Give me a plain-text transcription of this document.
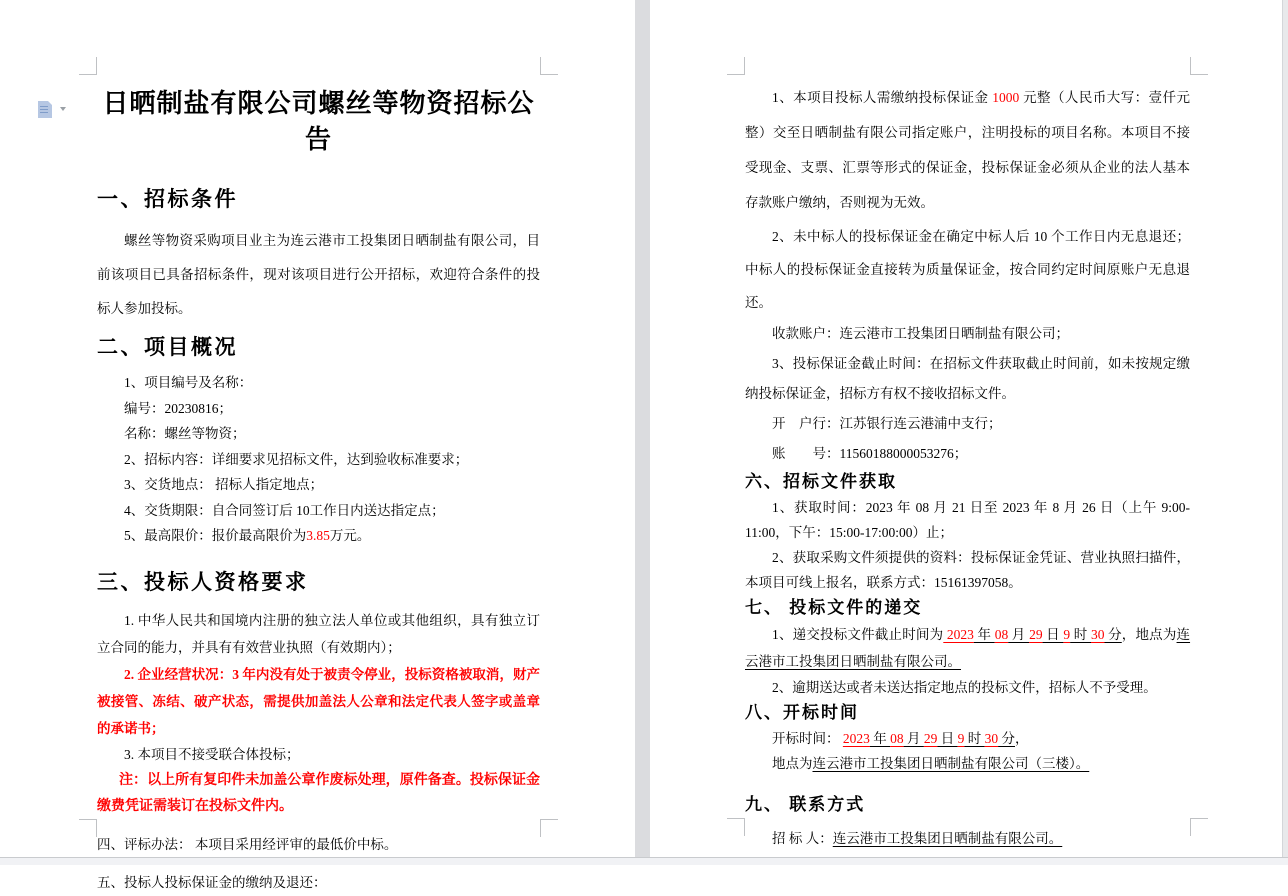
日晒制盐有限公司螺丝等物资招标公告
一、招标条件
螺丝等物资采购项目业主为连云港市工投集团日晒制盐有限公司，目前该项目已具备招标条件，现对该项目进行公开招标，欢迎符合条件的投标人参加投标。
二、项目概况
1、项目编号及名称：
编号：20230816；
名称：螺丝等物资；
2、招标内容：详细要求见招标文件，达到验收标准要求；
3、交货地点： 招标人指定地点；
4、交货期限：自合同签订后 10工作日内送达指定点；
5、最高限价：报价最高限价为3.85万元。
三、投标人资格要求
1. 中华人民共和国境内注册的独立法人单位或其他组织，具有独立订立合同的能力，并具有有效营业执照（有效期内）；
2. 企业经营状况：3 年内没有处于被责令停业，投标资格被取消，财产被接管、冻结、破产状态，需提供加盖法人公章和法定代表人签字或盖章的承诺书；
3. 本项目不接受联合体投标；
注：以上所有复印件未加盖公章作废标处理，原件备查。投标保证金缴费凭证需装订在投标文件内。
四、评标办法： 本项目采用经评审的最低价中标。
五、投标人投标保证金的缴纳及退还：
1、本项目投标人需缴纳投标保证金 1000 元整（人民币大写：壹仟元整）交至日晒制盐有限公司指定账户，注明投标的项目名称。本项目不接受现金、支票、汇票等形式的保证金，投标保证金必须从企业的法人基本存款账户缴纳，否则视为无效。
2、未中标人的投标保证金在确定中标人后 10 个工作日内无息退还；中标人的投标保证金直接转为质量保证金，按合同约定时间原账户无息退还。
收款账户：连云港市工投集团日晒制盐有限公司；
3、投标保证金截止时间：在招标文件获取截止时间前，如未按规定缴纳投标保证金，招标方有权不接收招标文件。
开　户行：江苏银行连云港浦中支行；
账　　号：11560188000053276；
六、招标文件获取
1、获取时间：2023 年 08 月 21 日至 2023 年 8 月 26 日（上午 9:00-11:00，下午：15:00-17:00:00）止；
2、获取采购文件须提供的资料：投标保证金凭证、营业执照扫描件，本项目可线上报名，联系方式：15161397058。
七、 投标文件的递交
1、递交投标文件截止时间为 2023 年 08 月 29 日 9 时 30 分，地点为连云港市工投集团日晒制盐有限公司。
2、逾期送达或者未送达指定地点的投标文件，招标人不予受理。
八、开标时间
开标时间： 2023 年 08 月 29 日 9 时 30 分，
地点为连云港市工投集团日晒制盐有限公司（三楼）。
九、 联系方式
招 标 人：连云港市工投集团日晒制盐有限公司。
